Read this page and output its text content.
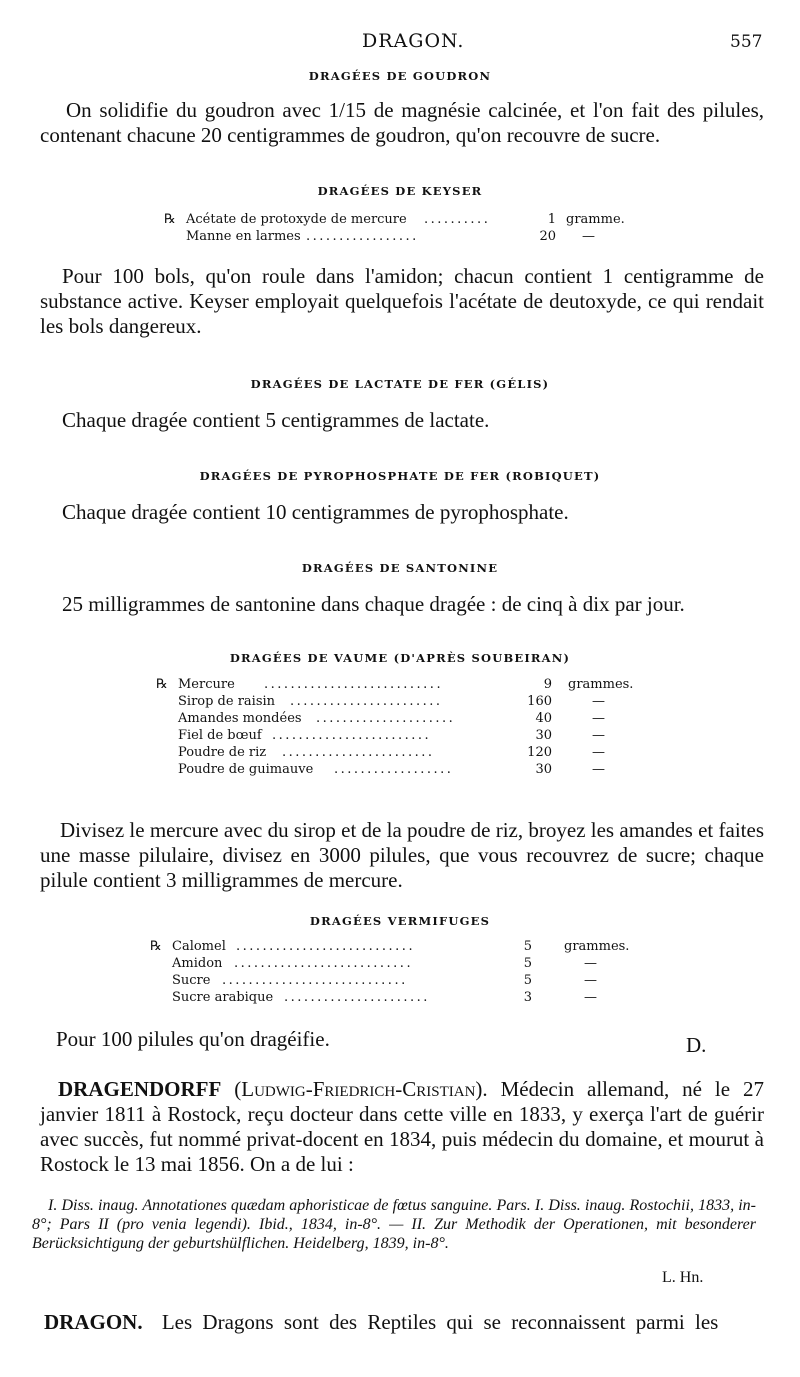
DRAGON.	557
DRAGÉES DE GOUDRON
On solidifie du goudron avec 1/15 de magnésie calcinée, et l'on fait des pilules, contenant chacune 20 centigrammes de goudron, qu'on recouvre de sucre.
DRAGÉES DE KEYSER
℞ Acétate de protoxyde de mercure ..........	1 gramme.
Manne en larmes .................	20 —
Pour 100 bols, qu'on roule dans l'amidon; chacun contient 1 centigramme de substance active. Keyser employait quelquefois l'acétate de deutoxyde, ce qui rendait les bols dangereux.
DRAGÉES DE LACTATE DE FER (GÉLIS)
Chaque dragée contient 5 centigrammes de lactate.
DRAGÉES DE PYROPHOSPHATE DE FER (ROBIQUET)
Chaque dragée contient 10 centigrammes de pyrophosphate.
DRAGÉES DE SANTONINE
25 milligrammes de santonine dans chaque dragée : de cinq à dix par jour.
DRAGÉES DE VAUME (D'APRÈS SOUBEIRAN)
℞ Mercure ...........................	9 grammes.
Sirop de raisin .......................	160	—
Amandes mondées .....................	40	—
Fiel de bœuf ........................	30	—
Poudre de riz .......................	120	—
Poudre de guimauve ..................	30	—
Divisez le mercure avec du sirop et de la poudre de riz, broyez les amandes et faites une masse pilulaire, divisez en 3000 pilules, que vous recouvrez de sucre; chaque pilule contient 3 milligrammes de mercure.
DRAGÉES VERMIFUGES
℞ Calomel ...........................	5 grammes.
Amidon ...........................	5	—
Sucre ............................	5	—
Sucre arabique ......................	3	—
Pour 100 pilules qu'on dragéifie.	D.
DRAGENDORFF (Ludwig-Friedrich-Cristian). Médecin allemand, né le 27 janvier 1811 à Rostock, reçu docteur dans cette ville en 1833, y exerça l'art de guérir avec succès, fut nommé privat-docent en 1834, puis médecin du domaine, et mourut à Rostock le 13 mai 1856. On a de lui :
I. Diss. inaug. Annotationes quædam aphoristicae de fœtus sanguine. Pars. I. Diss. inaug. Rostochii, 1833, in-8°; Pars II (pro venia legendi). Ibid., 1834, in-8°. — II. Zur Methodik der Operationen, mit besonderer Berücksichtigung der geburtshülflichen. Heidelberg, 1839, in-8°.
L. Hn.
DRAGON. Les Dragons sont des Reptiles qui se reconnaissent parmi les
